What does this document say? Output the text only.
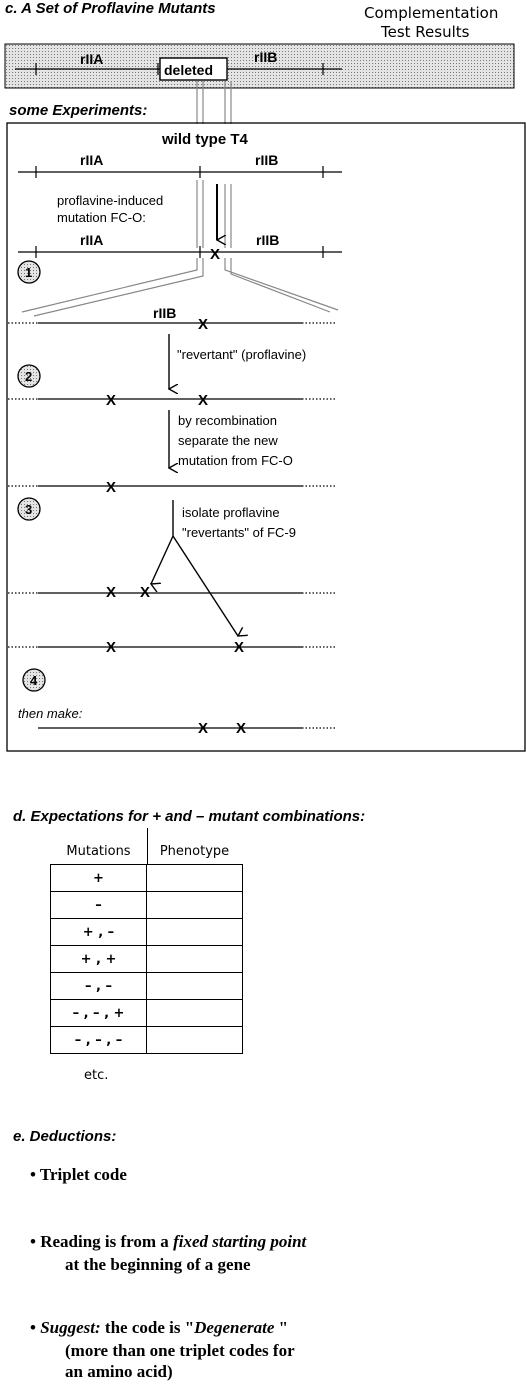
c. A Set of Proflavine Mutants	Complementation
Test Results
rIIA	rIIB
deleted
some Experiments:
wild type T4
rIIA	rIIB
proflavine-induced
mutation FC-O:
rIIA	rIIB
X
1
rIIB
X
"revertant" (proflavine)
2
X	X
by recombination
separate the new
mutation from FC-O
X
3	isolate proflavine
"revertants" of FC-9
X X
X	X
4
then make:
X X
d. Expectations for + and – mutant combinations:
Mutations	Phenotype
+	
–	
+ , –	
+ , +	
– , –	
– , – , +	
– , – , –	
etc.
e. Deductions:
• Triplet code
• Reading is from a fixed starting point
at the beginning of a gene
• Suggest: the code is "Degenerate "
(more than one triplet codes for
an amino acid)
